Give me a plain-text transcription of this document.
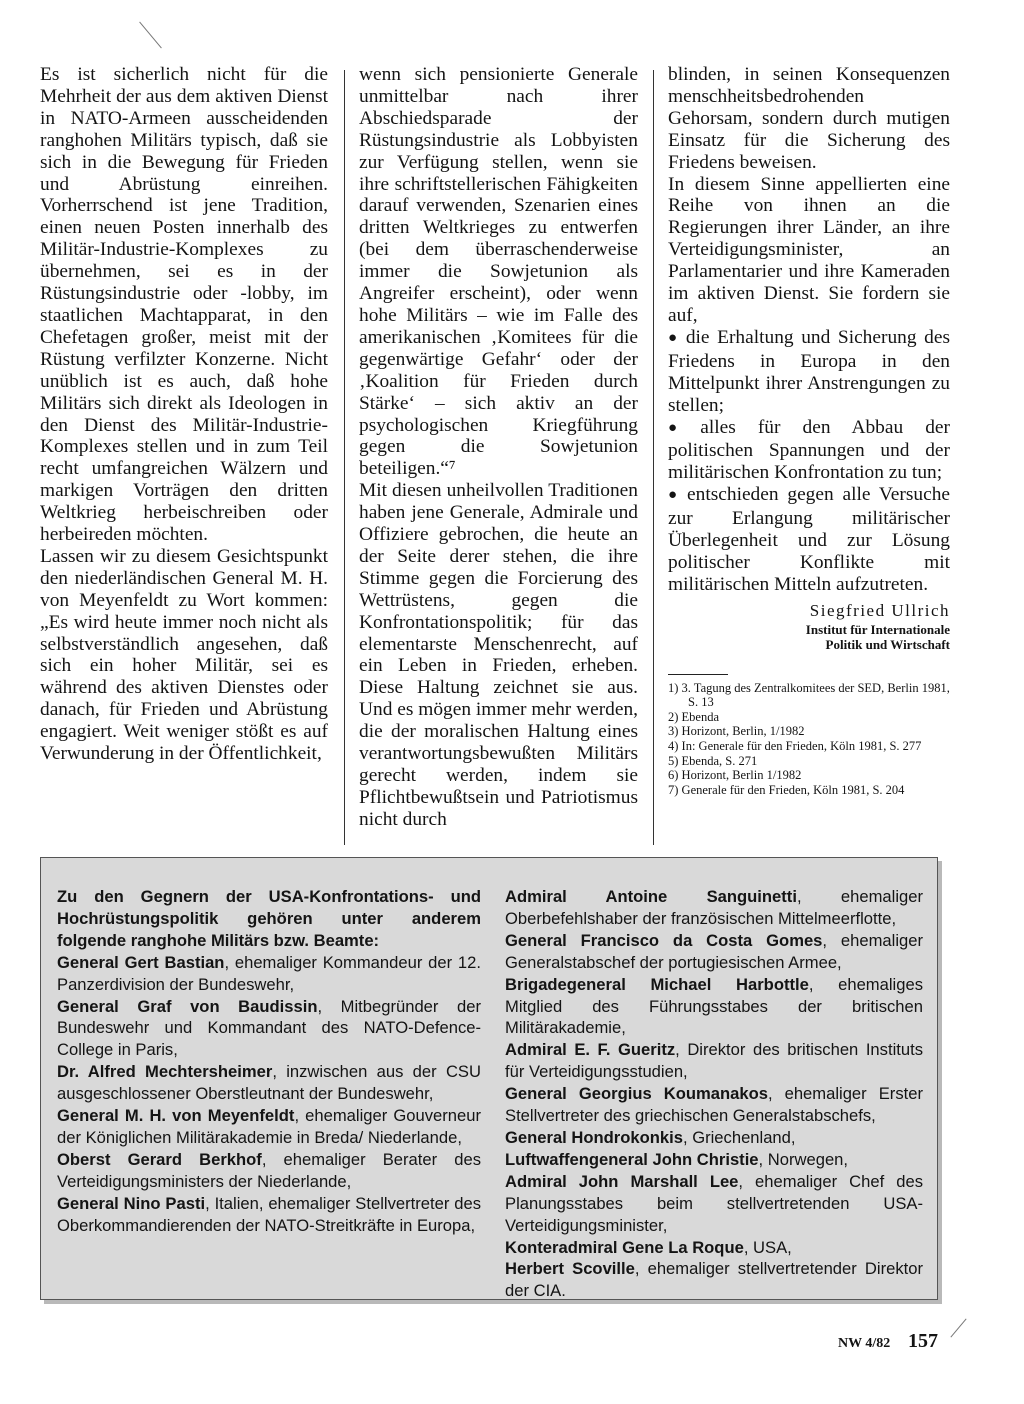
Es ist sicherlich nicht für die Mehrheit der aus dem aktiven Dienst in NATO-Armeen ausscheidenden ranghohen Militärs typisch, daß sie sich in die Bewegung für Frieden und Abrüstung einreihen. Vorherrschend ist jene Tradition, einen neuen Posten innerhalb des Militär-Industrie-Komplexes zu übernehmen, sei es in der Rüstungsindustrie oder -lobby, im staatlichen Machtapparat, in den Chefetagen großer, meist mit der Rüstung verfilzter Konzerne. Nicht unüblich ist es auch, daß hohe Militärs sich direkt als Ideologen in den Dienst des Militär-Industrie-Komplexes stellen und in zum Teil recht umfangreichen Wälzern und markigen Vorträgen den dritten Weltkrieg herbeischreiben oder herbeireden möchten.

Lassen wir zu diesem Gesichtspunkt den niederländischen General M. H. von Meyenfeldt zu Wort kommen: „Es wird heute immer noch nicht als selbstverständlich angesehen, daß sich ein hoher Militär, sei es während des aktiven Dienstes oder danach, für Frieden und Abrüstung engagiert. Weit weniger stößt es auf Verwunderung in der Öffentlichkeit,

wenn sich pensionierte Generale unmittelbar nach ihrer Abschiedsparade der Rüstungsindustrie als Lobbyisten zur Verfügung stellen, wenn sie ihre schriftstellerischen Fähigkeiten darauf verwenden, Szenarien eines dritten Weltkrieges zu entwerfen (bei dem überraschenderweise immer die Sowjetunion als Angreifer erscheint), oder wenn hohe Militärs – wie im Falle des amerikanischen ‚Komitees für die gegenwärtige Gefahr‘ oder der ‚Koalition für Frieden durch Stärke‘ – sich aktiv an der psychologischen Kriegführung gegen die Sowjetunion beteiligen.“⁷

Mit diesen unheilvollen Traditionen haben jene Generale, Admirale und Offiziere gebrochen, die heute an der Seite derer stehen, die ihre Stimme gegen die Forcierung des Wettrüstens, gegen die Konfrontationspolitik; für das elementarste Menschenrecht, auf ein Leben in Frieden, erheben. Diese Haltung zeichnet sie aus. Und es mögen immer mehr werden, die der moralischen Haltung eines verantwortungsbewußten Militärs gerecht werden, indem sie Pflichtbewußtsein und Patriotismus nicht durch

blinden, in seinen Konsequenzen menschheitsbedrohenden Gehorsam, sondern durch mutigen Einsatz für die Sicherung des Friedens beweisen.

In diesem Sinne appellierten eine Reihe von ihnen an die Regierungen ihrer Länder, an ihre Verteidigungsminister, an Parlamentarier und ihre Kameraden im aktiven Dienst. Sie fordern sie auf,

● die Erhaltung und Sicherung des Friedens in Europa in den Mittelpunkt ihrer Anstrengungen zu stellen;
● alles für den Abbau der politischen Spannungen und der militärischen Konfrontation zu tun;
● entschieden gegen alle Versuche zur Erlangung militärischer Überlegenheit und zur Lösung politischer Konflikte mit militärischen Mitteln aufzutreten.
Siegfried Ullrich
Institut für Internationale
Politik und Wirtschaft
1) 3. Tagung des Zentralkomitees der SED, Berlin 1981, S. 13
2) Ebenda
3) Horizont, Berlin, 1/1982
4) In: Generale für den Frieden, Köln 1981, S. 277
5) Ebenda, S. 271
6) Horizont, Berlin 1/1982
7) Generale für den Frieden, Köln 1981, S. 204

Zu den Gegnern der USA-Konfrontations- und Hochrüstungspolitik gehören unter anderem folgende ranghohe Militärs bzw. Beamte:

General Gert Bastian, ehemaliger Kommandeur der 12. Panzerdivision der Bundeswehr,

General Graf von Baudissin, Mitbegründer der Bundeswehr und Kommandant des NATO-Defence-College in Paris,

Dr. Alfred Mechtersheimer, inzwischen aus der CSU ausgeschlossener Oberstleutnant der Bundeswehr,

General M. H. von Meyenfeldt, ehemaliger Gouverneur der Königlichen Militärakademie in Breda/ Niederlande,

Oberst Gerard Berkhof, ehemaliger Berater des Verteidigungsministers der Niederlande,

General Nino Pasti, Italien, ehemaliger Stellvertreter des Oberkommandierenden der NATO-Streitkräfte in Europa,

Admiral Antoine Sanguinetti, ehemaliger Oberbefehlshaber der französischen Mittelmeerflotte,

General Francisco da Costa Gomes, ehemaliger Generalstabschef der portugiesischen Armee,

Brigadegeneral Michael Harbottle, ehemaliges Mitglied des Führungsstabes der britischen Militärakademie,

Admiral E. F. Gueritz, Direktor des britischen Instituts für Verteidigungsstudien,

General Georgius Koumanakos, ehemaliger Erster Stellvertreter des griechischen Generalstabschefs,

General Hondrokonkis, Griechenland,

Luftwaffengeneral John Christie, Norwegen,

Admiral John Marshall Lee, ehemaliger Chef des Planungsstabes beim stellvertretenden USA-Verteidigungsminister,

Konteradmiral Gene La Roque, USA,

Herbert Scoville, ehemaliger stellvertretender Direktor der CIA.

NW 4/82 157
